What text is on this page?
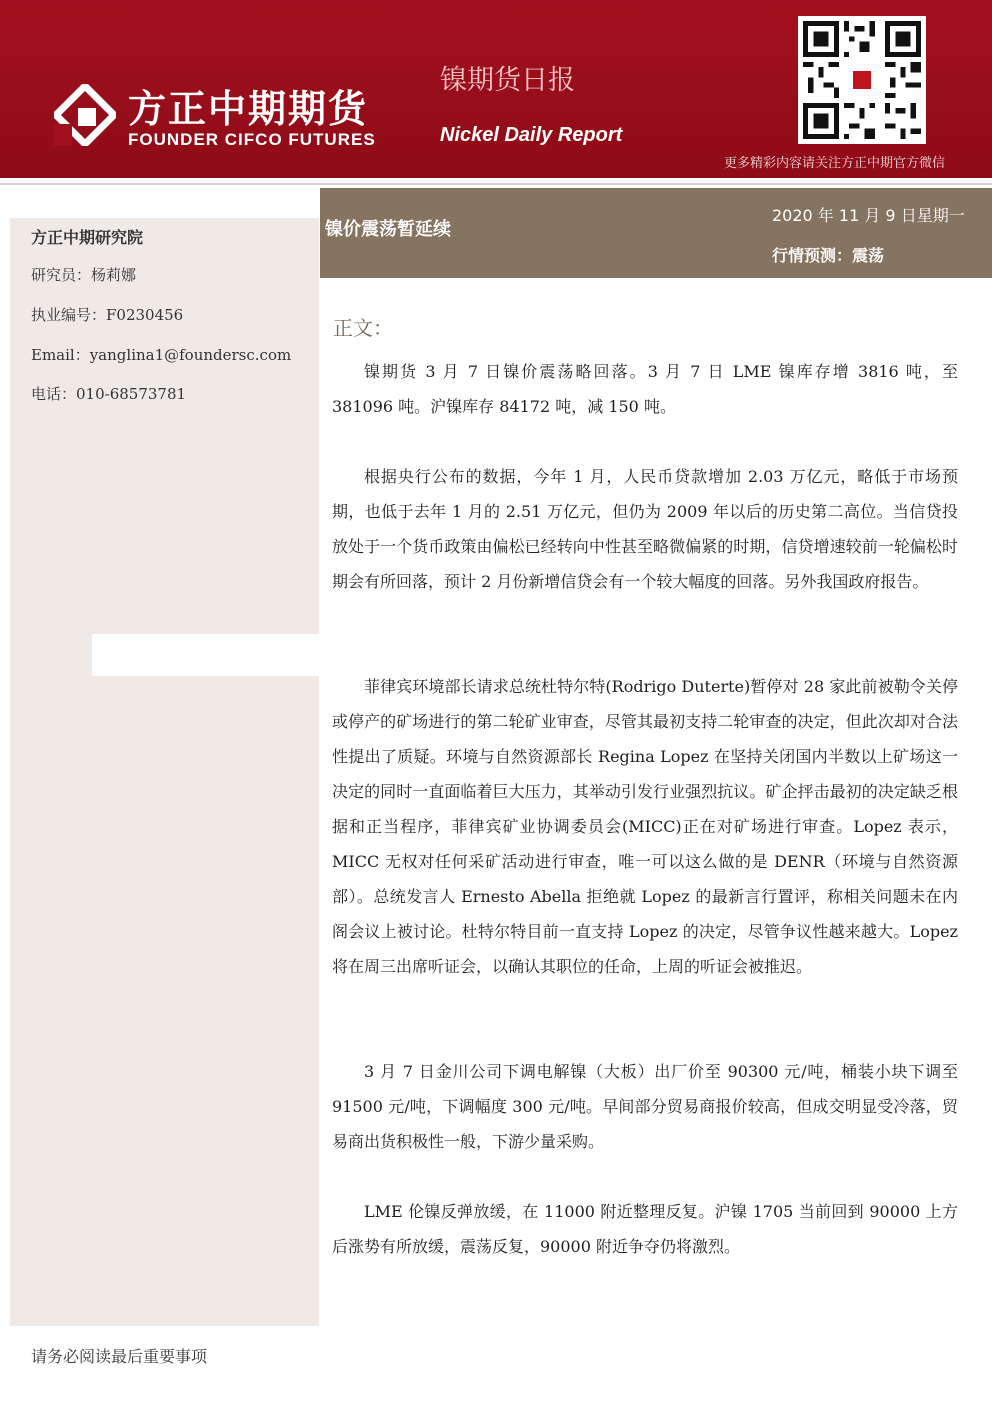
方正中期期货
FOUNDER CIFCO FUTURES
镍期货日报
Nickel Daily Report
更多精彩内容请关注方正中期官方微信
方正中期研究院
研究员：杨莉娜
执业编号：F0230456
Email：yanglina1@foundersc.com
电话：010-68573781
镍价震荡暂延续
2020 年 11 月 9 日星期一
行情预测：震荡
正文：

镍期货 3 月 7 日镍价震荡略回落。3 月 7 日 LME 镍库存增 3816 吨，至 381096 吨。沪镍库存 84172 吨，减 150 吨。

根据央行公布的数据，今年 1 月，人民币贷款增加 2.03 万亿元，略低于市场预期，也低于去年 1 月的 2.51 万亿元，但仍为 2009 年以后的历史第二高位。当信贷投放处于一个货币政策由偏松已经转向中性甚至略微偏紧的时期，信贷增速较前一轮偏松时期会有所回落，预计 2 月份新增信贷会有一个较大幅度的回落。另外我国政府报告。

菲律宾环境部长请求总统杜特尔特(Rodrigo Duterte)暂停对 28 家此前被勒令关停或停产的矿场进行的第二轮矿业审查，尽管其最初支持二轮审查的决定，但此次却对合法性提出了质疑。环境与自然资源部长 Regina Lopez 在坚持关闭国内半数以上矿场这一决定的同时一直面临着巨大压力，其举动引发行业强烈抗议。矿企抨击最初的决定缺乏根据和正当程序，菲律宾矿业协调委员会(MICC)正在对矿场进行审查。Lopez 表示，MICC 无权对任何采矿活动进行审查，唯一可以这么做的是 DENR（环境与自然资源部）。总统发言人 Ernesto Abella 拒绝就 Lopez 的最新言行置评，称相关问题未在内阁会议上被讨论。杜特尔特目前一直支持 Lopez 的决定，尽管争议性越来越大。Lopez 将在周三出席听证会，以确认其职位的任命，上周的听证会被推迟。

3 月 7 日金川公司下调电解镍（大板）出厂价至 90300 元/吨，桶装小块下调至 91500 元/吨，下调幅度 300 元/吨。早间部分贸易商报价较高，但成交明显受冷落，贸易商出货积极性一般，下游少量采购。

LME 伦镍反弹放缓，在 11000 附近整理反复。沪镍 1705 当前回到 90000 上方后涨势有所放缓，震荡反复，90000 附近争夺仍将激烈。

请务必阅读最后重要事项
